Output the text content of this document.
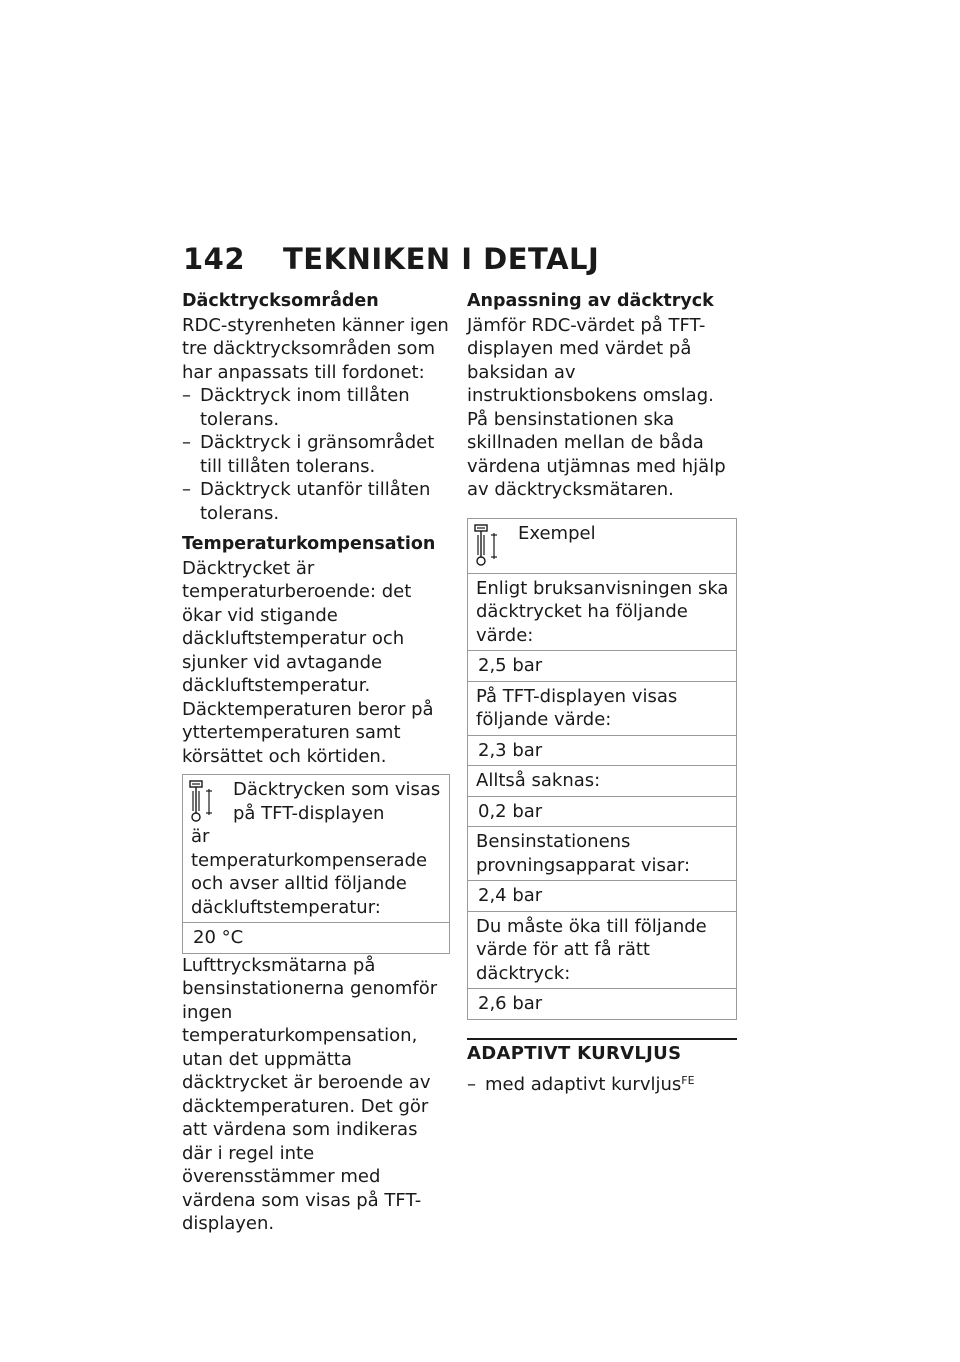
142 TEKNIKEN I DETALJ

Däcktrycksområden

RDC-styrenheten känner igen tre däcktrycksområden som har anpassats till fordonet:

– Däcktryck inom tillåten tolerans.
– Däcktryck i gränsområdet till tillåten tolerans.
– Däcktryck utanför tillåten tolerans.

Temperaturkompensation

Däcktrycket är temperaturberoende: det ökar vid stigande däckluftstemperatur och sjunker vid avtagande däckluftstemperatur. Däcktemperaturen beror på yttertemperaturen samt körsättet och körtiden.

Däcktrycken som visas på TFT-displayen
är temperaturkompenserade och avser alltid följande däckluftstemperatur:
20 °C

Lufttrycksmätarna på bensinstationerna genomför ingen temperaturkompensation, utan det uppmätta däcktrycket är beroende av däcktemperaturen. Det gör att värdena som indikeras där i regel inte överensstämmer med värdena som visas på TFT-displayen.

Anpassning av däcktryck

Jämför RDC-värdet på TFT-displayen med värdet på baksidan av instruktionsbokens omslag. På bensinstationen ska skillnaden mellan de båda värdena utjämnas med hjälp av däcktrycksmätaren.

Exempel
Enligt bruksanvisningen ska däcktrycket ha följande värde:
2,5 bar
På TFT-displayen visas följande värde:
2,3 bar
Alltså saknas:
0,2 bar
Bensinstationens provningsapparat visar:
2,4 bar
Du måste öka till följande värde för att få rätt däcktryck:
2,6 bar
ADAPTIVT KURVLJUS
– med adaptivt kurvljus$^{FE}$
